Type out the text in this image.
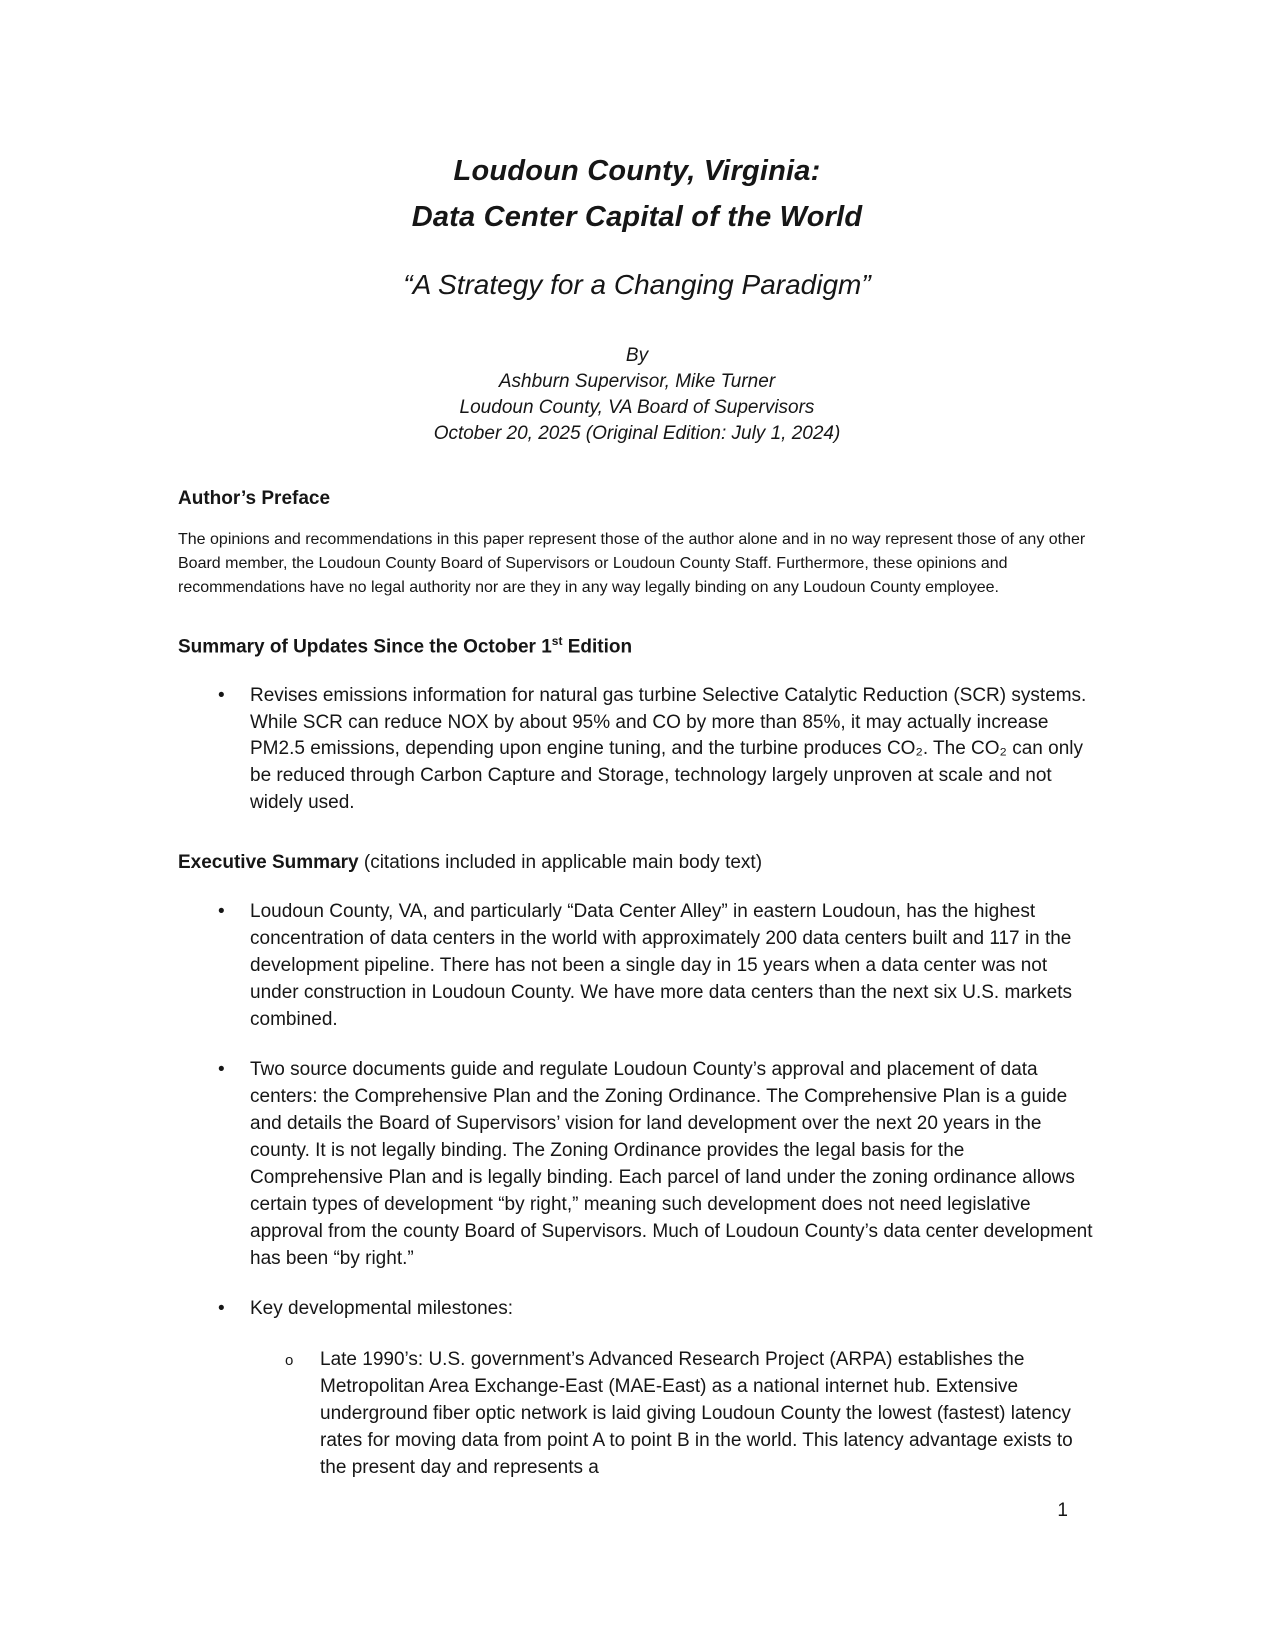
Loudoun County, Virginia:
Data Center Capital of the World
“A Strategy for a Changing Paradigm”
By
Ashburn Supervisor, Mike Turner
Loudoun County, VA Board of Supervisors
October 20, 2025 (Original Edition: July 1, 2024)
Author’s Preface

The opinions and recommendations in this paper represent those of the author alone and in no way represent those of any other Board member, the Loudoun County Board of Supervisors or Loudoun County Staff. Furthermore, these opinions and recommendations have no legal authority nor are they in any way legally binding on any Loudoun County employee.

Summary of Updates Since the October 1st Edition
•	Revises emissions information for natural gas turbine Selective Catalytic Reduction (SCR) systems. While SCR can reduce NOX by about 95% and CO by more than 85%, it may actually increase PM2.5 emissions, depending upon engine tuning, and the turbine produces CO₂. The CO₂ can only be reduced through Carbon Capture and Storage, technology largely unproven at scale and not widely used.
Executive Summary (citations included in applicable main body text)
•	Loudoun County, VA, and particularly “Data Center Alley” in eastern Loudoun, has the highest concentration of data centers in the world with approximately 200 data centers built and 117 in the development pipeline. There has not been a single day in 15 years when a data center was not under construction in Loudoun County. We have more data centers than the next six U.S. markets combined.
•	Two source documents guide and regulate Loudoun County’s approval and placement of data centers: the Comprehensive Plan and the Zoning Ordinance. The Comprehensive Plan is a guide and details the Board of Supervisors’ vision for land development over the next 20 years in the county. It is not legally binding. The Zoning Ordinance provides the legal basis for the Comprehensive Plan and is legally binding. Each parcel of land under the zoning ordinance allows certain types of development “by right,” meaning such development does not need legislative approval from the county Board of Supervisors. Much of Loudoun County’s data center development has been “by right.”
•	Key developmental milestones:
o	Late 1990’s: U.S. government’s Advanced Research Project (ARPA) establishes the Metropolitan Area Exchange-East (MAE-East) as a national internet hub. Extensive underground fiber optic network is laid giving Loudoun County the lowest (fastest) latency rates for moving data from point A to point B in the world. This latency advantage exists to the present day and represents a
1
